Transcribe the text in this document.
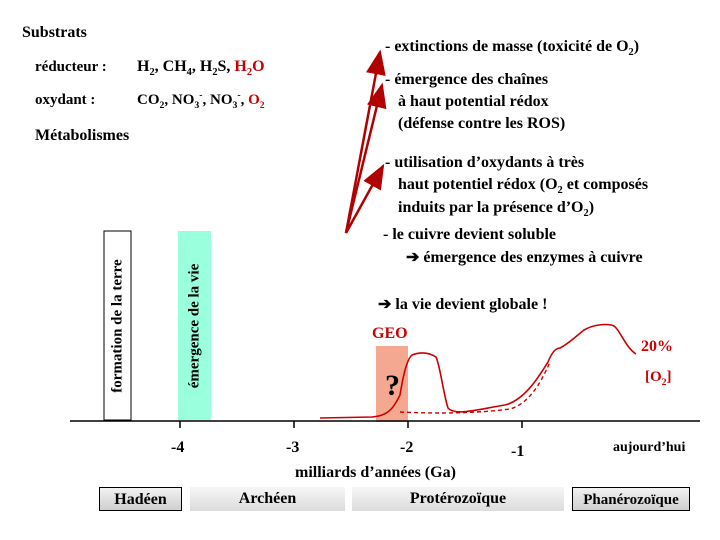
Substrats
réducteur : $H_2$, $CH_4$, $H_2S$, $H_2O$
oxydant :	$CO_2$, $NO_3^-$, $NO_3^-$, $O_2$
Métabolismes
- extinctions de masse (toxicité de $O_2$)
- émergence des chaînes
à haut potential rédox
(défense contre les ROS)
- utilisation d’oxydants à très
haut potentiel rédox ($O_2$ et composés
induits par la présence $d’O_2$)
- le cuivre devient soluble
➔ émergence des enzymes à cuivre
formation de la terre	émergence de la vie	➔ la vie devient globale !
GEO
?
20%
$[O_2]$
-4	-3	-2	-1	aujourd’hui
milliards d’années (Ga)
Hadéen	Archéen	Protérozoïque	Phanérozoïque
